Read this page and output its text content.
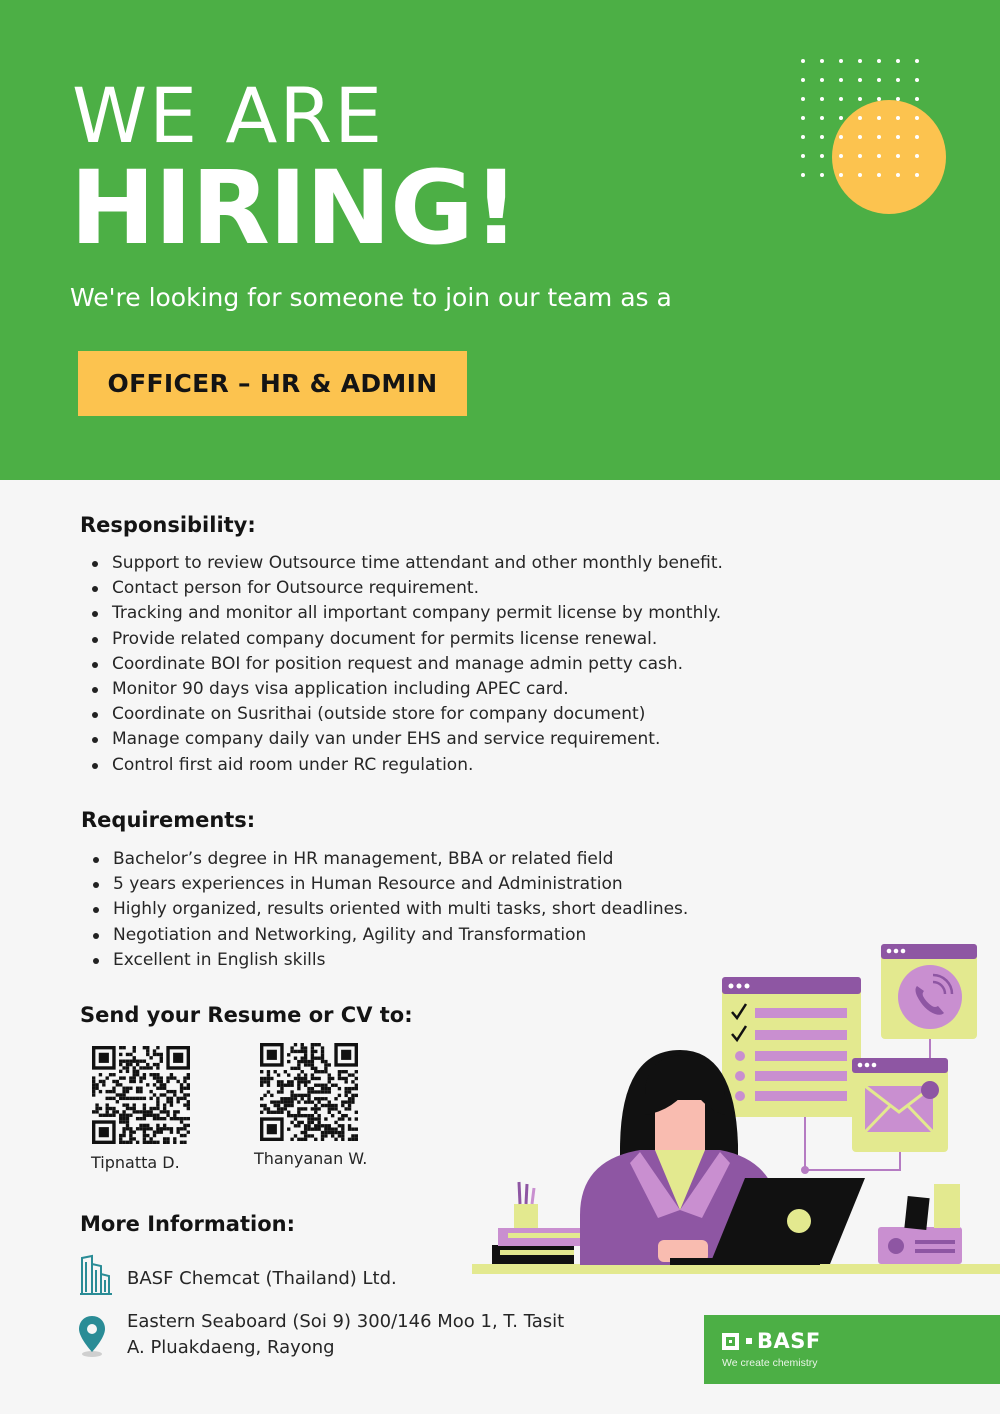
WE ARE
HIRING!

We're looking for someone to join our team as a

OFFICER – HR & ADMIN
Responsibility:
Support to review Outsource time attendant and other monthly benefit.
Contact person for Outsource requirement.
Tracking and monitor all important company permit license by monthly.
Provide related company document for permits license renewal.
Coordinate BOI for position request and manage admin petty cash.
Monitor 90 days visa application including APEC card.
Coordinate on Susrithai (outside store for company document)
Manage company daily van under EHS and service requirement.
Control first aid room under RC regulation.
Requirements:
Bachelor’s degree in HR management, BBA or related field
5 years experiences in Human Resource and Administration
Highly organized, results oriented with multi tasks, short deadlines.
Negotiation and Networking, Agility and Transformation
Excellent in English skills
Send your Resume or CV to:

Tipnatta D.	Thanyanan W.

More Information:

BASF Chemcat (Thailand) Ltd.

Eastern Seaboard (Soi 9) 300/146 Moo 1, T. Tasit

A. Pluakdaeng, Rayong	BASF
We create chemistry
